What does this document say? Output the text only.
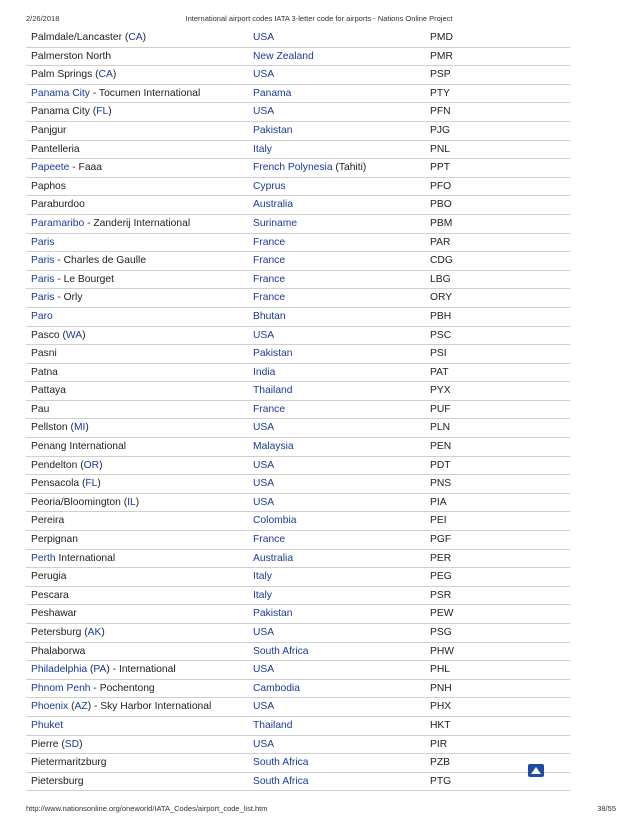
2/26/2018	International airport codes IATA 3-letter code for airports - Nations Online Project
Palmdale/Lancaster (CA)	USA	PMD
Palmerston North	New Zealand	PMR
Palm Springs (CA)	USA	PSP
Panama City - Tocumen International	Panama	PTY
Panama City (FL)	USA	PFN
Panjgur	Pakistan	PJG
Pantelleria	Italy	PNL
Papeete - Faaa	French Polynesia (Tahiti)	PPT
Paphos	Cyprus	PFO
Paraburdoo	Australia	PBO
Paramaribo - Zanderij International	Suriname	PBM
Paris	France	PAR
Paris - Charles de Gaulle	France	CDG
Paris - Le Bourget	France	LBG
Paris - Orly	France	ORY
Paro	Bhutan	PBH
Pasco (WA)	USA	PSC
Pasni	Pakistan	PSI
Patna	India	PAT
Pattaya	Thailand	PYX
Pau	France	PUF
Pellston (MI)	USA	PLN
Penang International	Malaysia	PEN
Pendelton (OR)	USA	PDT
Pensacola (FL)	USA	PNS
Peoria/Bloomington (IL)	USA	PIA
Pereira	Colombia	PEI
Perpignan	France	PGF
Perth International	Australia	PER
Perugia	Italy	PEG
Pescara	Italy	PSR
Peshawar	Pakistan	PEW
Petersburg (AK)	USA	PSG
Phalaborwa	South Africa	PHW
Philadelphia (PA) - International	USA	PHL
Phnom Penh - Pochentong	Cambodia	PNH
Phoenix (AZ) - Sky Harbor International	USA	PHX
Phuket	Thailand	HKT
Pierre (SD)	USA	PIR
Pietermaritzburg	South Africa	PZB
Pietersburg	South Africa	PTG
http://www.nationsonline.org/oneworld/IATA_Codes/airport_code_list.htm	38/55
